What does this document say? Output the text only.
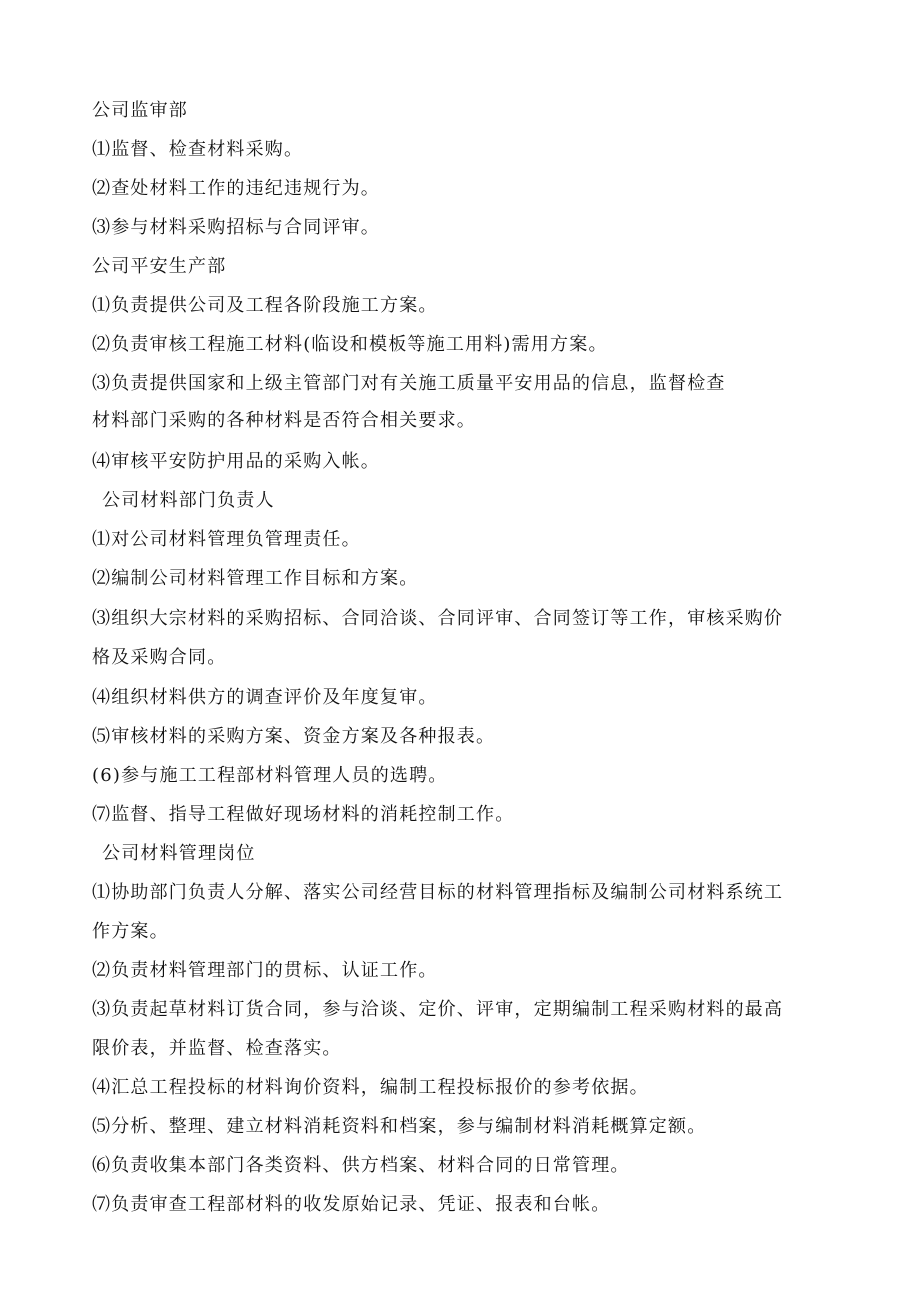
公司监审部
⑴监督、检查材料采购。
⑵查处材料工作的违纪违规行为。
⑶参与材料采购招标与合同评审。
公司平安生产部
⑴负责提供公司及工程各阶段施工方案。
⑵负责审核工程施工材料(临设和模板等施工用料)需用方案。
⑶负责提供国家和上级主管部门对有关施工质量平安用品的信息，监督检查
材料部门采购的各种材料是否符合相关要求。
⑷审核平安防护用品的采购入帐。
公司材料部门负责人
⑴对公司材料管理负管理责任。
⑵编制公司材料管理工作目标和方案。
⑶组织大宗材料的采购招标、合同洽谈、合同评审、合同签订等工作，审核采购价
格及采购合同。
⑷组织材料供方的调查评价及年度复审。
⑸审核材料的采购方案、资金方案及各种报表。
(6)参与施工工程部材料管理人员的选聘。
⑺监督、指导工程做好现场材料的消耗控制工作。
公司材料管理岗位
⑴协助部门负责人分解、落实公司经营目标的材料管理指标及编制公司材料系统工
作方案。
⑵负责材料管理部门的贯标、认证工作。
⑶负责起草材料订货合同，参与洽谈、定价、评审，定期编制工程采购材料的最高
限价表，并监督、检查落实。
⑷汇总工程投标的材料询价资料，编制工程投标报价的参考依据。
⑸分析、整理、建立材料消耗资料和档案，参与编制材料消耗概算定额。
⑹负责收集本部门各类资料、供方档案、材料合同的日常管理。
⑺负责审查工程部材料的收发原始记录、凭证、报表和台帐。
